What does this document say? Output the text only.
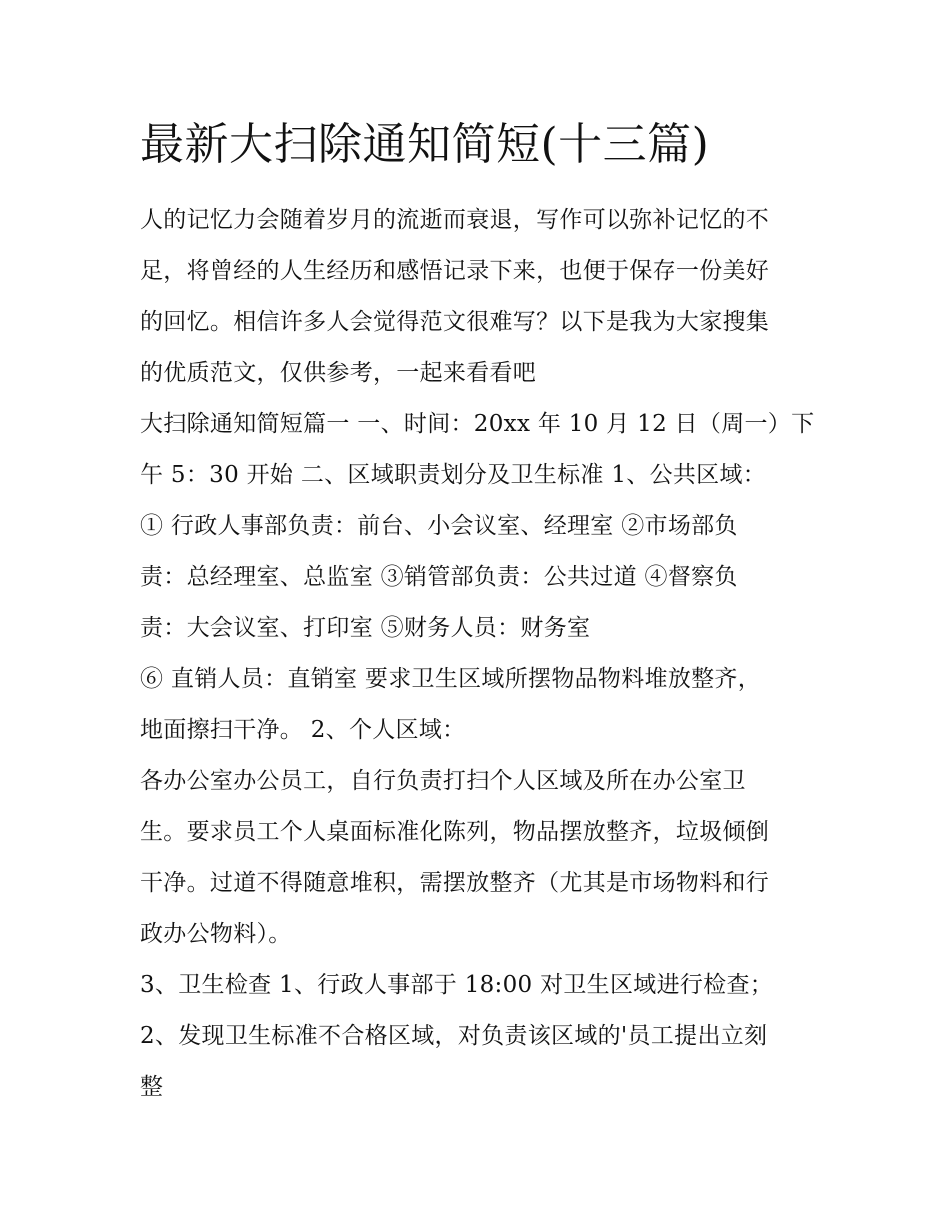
最新大扫除通知简短(十三篇)

人的记忆力会随着岁月的流逝而衰退，写作可以弥补记忆的不

足，将曾经的人生经历和感悟记录下来，也便于保存一份美好

的回忆。相信许多人会觉得范文很难写？以下是我为大家搜集

的优质范文，仅供参考，一起来看看吧

大扫除通知简短篇一 一、时间：20xx 年 10 月 12 日（周一）下

午 5：30 开始 二、区域职责划分及卫生标准 1、公共区域：

① 行政人事部负责：前台、小会议室、经理室 ②市场部负

责：总经理室、总监室 ③销管部负责：公共过道 ④督察负

责：大会议室、打印室 ⑤财务人员：财务室

⑥ 直销人员：直销室 要求卫生区域所摆物品物料堆放整齐，

地面擦扫干净。 2、个人区域：

各办公室办公员工，自行负责打扫个人区域及所在办公室卫

生。要求员工个人桌面标准化陈列，物品摆放整齐，垃圾倾倒

干净。过道不得随意堆积，需摆放整齐（尤其是市场物料和行

政办公物料）。

3、卫生检查 1、行政人事部于 18:00 对卫生区域进行检查；

2、发现卫生标准不合格区域，对负责该区域的'员工提出立刻

整
